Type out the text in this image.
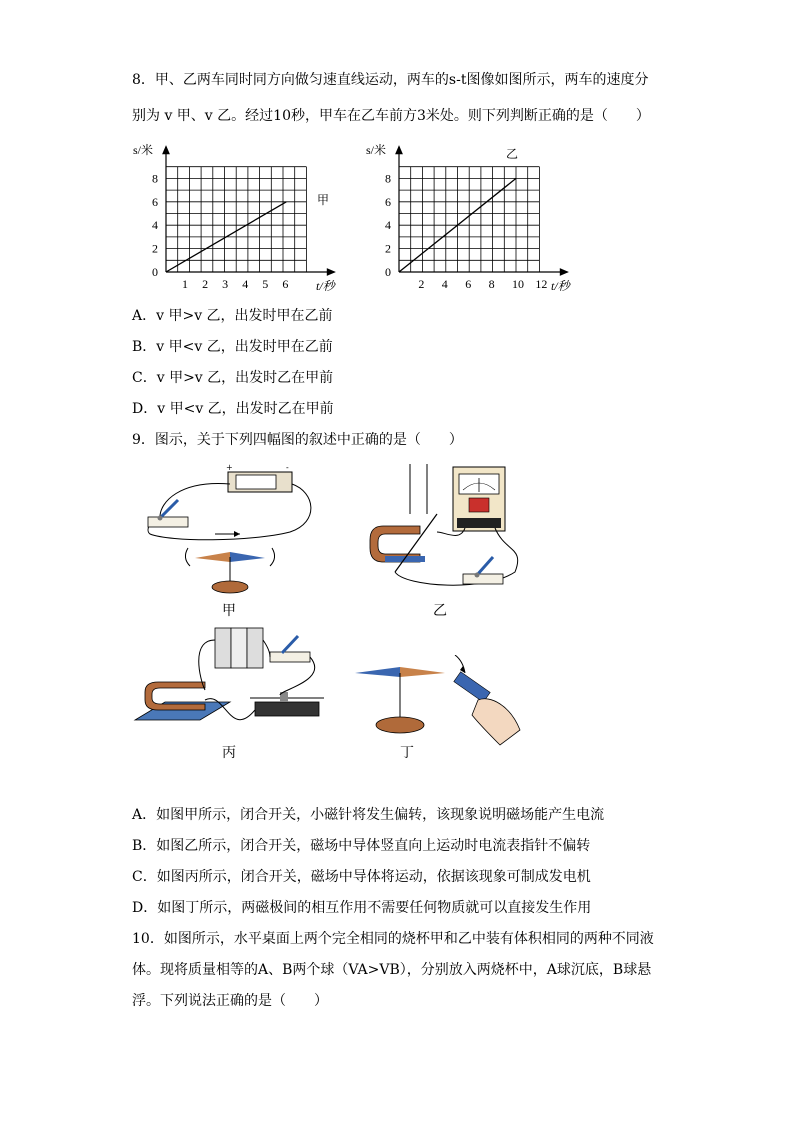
8．甲、乙两车同时同方向做匀速直线运动，两车的s-t图像如图所示，两车的速度分
别为 v 甲、v 乙。经过10秒，甲车在乙车前方3米处。则下列判断正确的是（　　）
s/米
t/秒
甲
0
2
4
6
8
1 2 3 4 5 6
s/米
t/秒
乙
0
2
4
6
8
2 4 6 8 10 12
A．v 甲>v 乙，出发时甲在乙前
B．v 甲<v 乙，出发时甲在乙前
C．v 甲>v 乙，出发时乙在甲前
D．v 甲<v 乙，出发时乙在甲前
9．图示，关于下列四幅图的叙述中正确的是（　　）
+	-
甲	乙
丙	丁
A．如图甲所示，闭合开关，小磁针将发生偏转，该现象说明磁场能产生电流
B．如图乙所示，闭合开关，磁场中导体竖直向上运动时电流表指针不偏转
C．如图丙所示，闭合开关，磁场中导体将运动，依据该现象可制成发电机
D．如图丁所示，两磁极间的相互作用不需要任何物质就可以直接发生作用
10．如图所示，水平桌面上两个完全相同的烧杯甲和乙中装有体积相同的两种不同液
体。现将质量相等的A、B两个球（VA>VB），分别放入两烧杯中，A球沉底，B球悬
浮。下列说法正确的是（　　）
